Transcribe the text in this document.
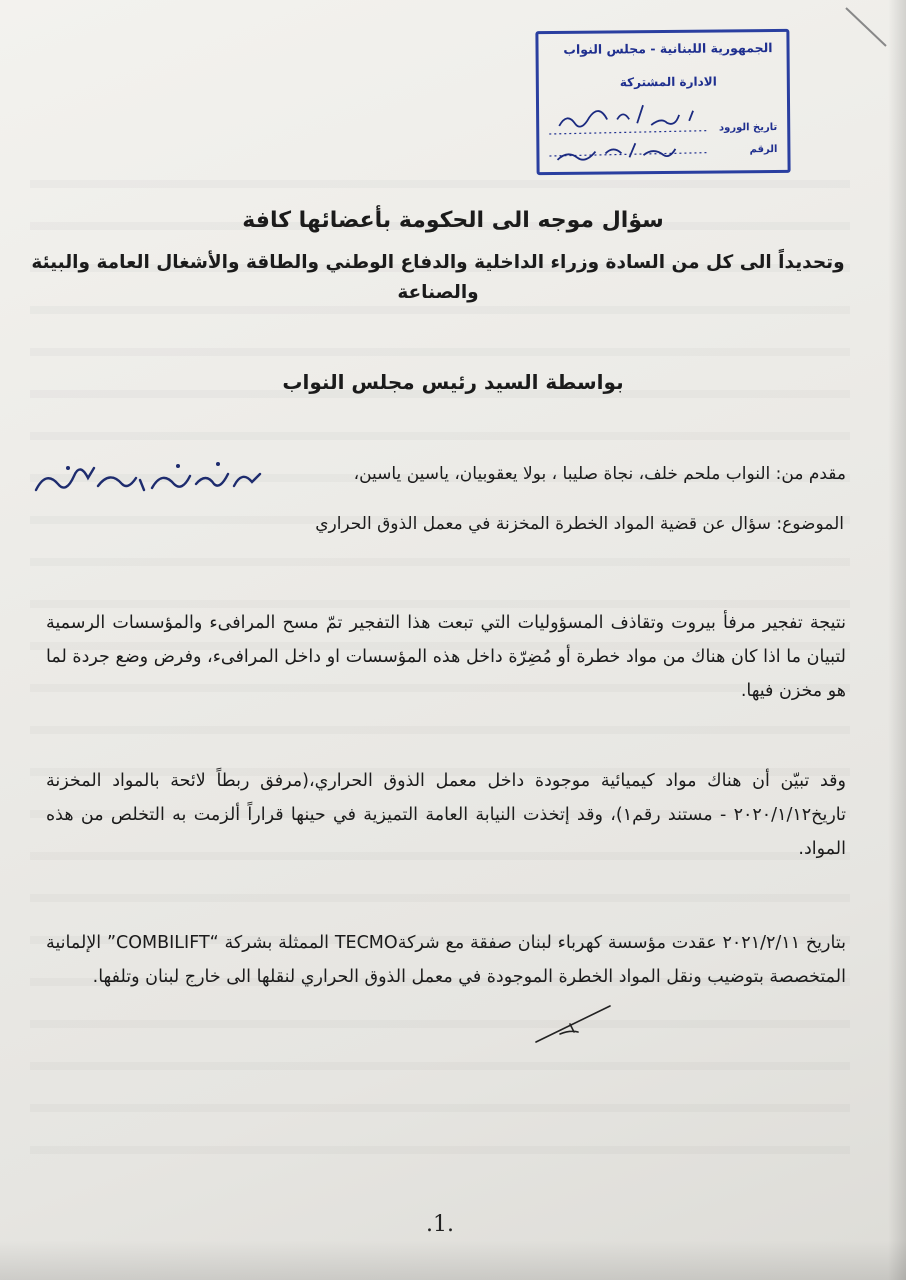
الجمهورية اللبنانية - مجلس النواب
الادارة المشتركة
تاريخ الورود
الرقم
سؤال موجه الى الحكومة بأعضائها كافة

وتحديداً الى كل من السادة وزراء الداخلية والدفاع الوطني والطاقة والأشغال العامة والبيئة والصناعة

بواسطة السيد رئيس مجلس النواب

مقدم من: النواب ملحم خلف، نجاة صليبا ، بولا يعقوبيان، ياسين ياسين،

الموضوع: سؤال عن قضية المواد الخطرة المخزنة في معمل الذوق الحراري

نتيجة تفجير مرفأ بيروت وتقاذف المسؤوليات التي تبعت هذا التفجير تمّ مسح المرافىء والمؤسسات الرسمية لتبيان ما اذا كان هناك من مواد خطرة أو مُضِرّة داخل هذه المؤسسات او داخل المرافىء، وفرض وضع جردة لما هو مخزن فيها.

وقد تبيّن أن هناك مواد كيميائية موجودة داخل معمل الذوق الحراري،(مرفق ربطاً لائحة بالمواد المخزنة تاريخ٢٠٢٠/١/١٢ - مستند رقم١)، وقد إتخذت النيابة العامة التميزية في حينها قراراً ألزمت به التخلص من هذه المواد.

بتاريخ ٢٠٢١/٢/١١ عقدت مؤسسة كهرباء لبنان صفقة مع شركةTECMO الممثلة بشركة “COMBILIFT” الإلمانية المتخصصة بتوضيب ونقل المواد الخطرة الموجودة في معمل الذوق الحراري لنقلها الى خارج لبنان وتلفها.

.1.
